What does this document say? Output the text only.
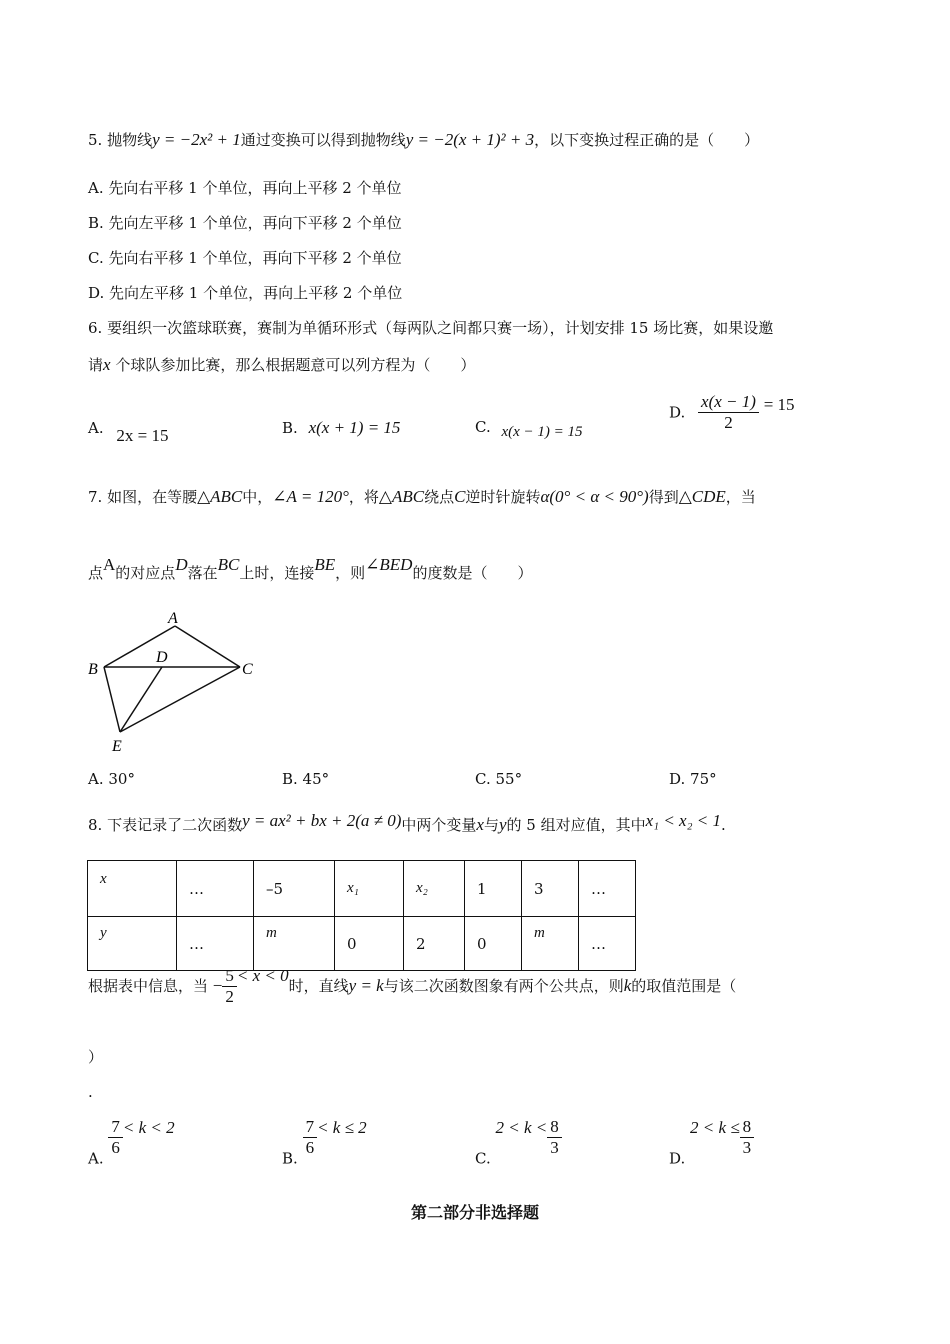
5. 抛物线y = −2x² + 1通过变换可以得到抛物线y = −2(x + 1)² + 3，以下变换过程正确的是（　　）
A. 先向右平移 1 个单位，再向上平移 2 个单位
B. 先向左平移 1 个单位，再向下平移 2 个单位
C. 先向右平移 1 个单位，再向下平移 2 个单位
D. 先向左平移 1 个单位，再向上平移 2 个单位
6. 要组织一次篮球联赛，赛制为单循环形式（每两队之间都只赛一场），计划安排 15 场比赛，如果设邀
请x 个球队参加比赛，那么根据题意可以列方程为（　　）
A. 2x = 15	B. x(x + 1) = 15	C. x(x − 1) = 15
D. $\frac{x(x - 1)}{2} = 15$
7. 如图，在等腰△ABC中，∠A = 120°，将△ABC绕点C逆时针旋转α(0° < α < 90°)得到△CDE，当
点A的对应点D落在BC上时，连接BE，则∠BED的度数是（　　）
A
B
D
C
E
A. 30°	B. 45°	C. 55°	D. 75°
8. 下表记录了二次函数y = ax² + bx + 2(a ≠ 0)中两个变量x与y的 5 组对应值，其中x₁ < x₂ < 1.
x	…	–5	x₁	x₂	1	3	…
y	…	m	0	2	0	m	…
根据表中信息，当 − $\frac{5}{2} < x < 0$时，直线y = k与该二次函数图象有两个公共点，则k的取值范围是（
）
.
A.
$\frac{7}{6} < k < 2$
B.
$\frac{7}{6} < k \le 2$
C. $2 < k < \frac{8}{3}$
D. $2 < k \le \frac{8}{3}$
第二部分非选择题
